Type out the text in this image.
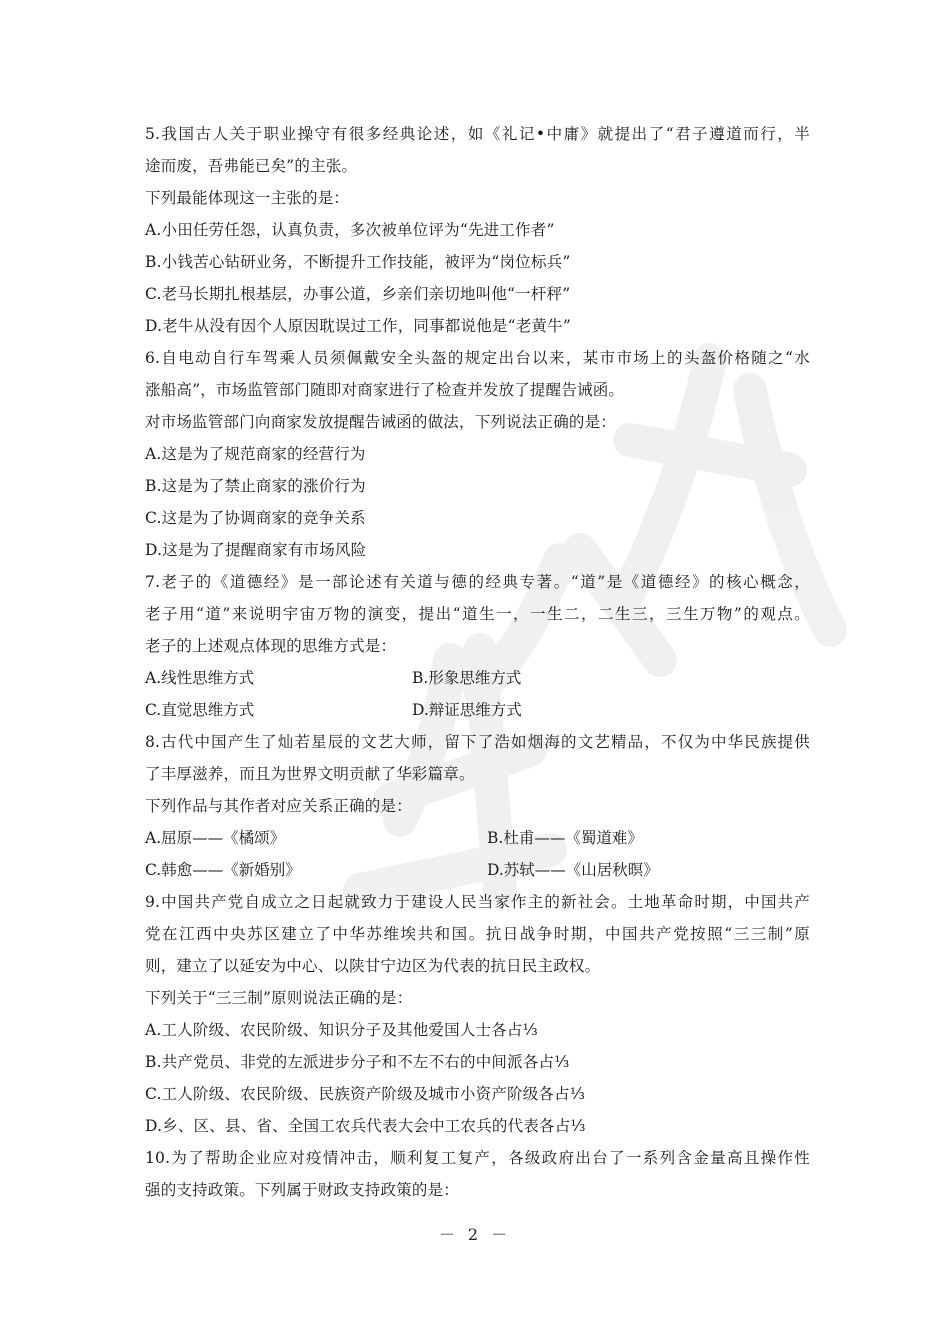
5.我国古人关于职业操守有很多经典论述，如《礼记•中庸》就提出了“君子遵道而行，半
途而废，吾弗能已矣”的主张。
下列最能体现这一主张的是：
A.小田任劳任怨，认真负责，多次被单位评为“先进工作者”
B.小钱苦心钻研业务，不断提升工作技能，被评为“岗位标兵”
C.老马长期扎根基层，办事公道，乡亲们亲切地叫他“一杆秤”
D.老牛从没有因个人原因耽误过工作，同事都说他是“老黄牛”
6.自电动自行车驾乘人员须佩戴安全头盔的规定出台以来，某市市场上的头盔价格随之“水
涨船高”，市场监管部门随即对商家进行了检查并发放了提醒告诫函。
对市场监管部门向商家发放提醒告诫函的做法，下列说法正确的是：
A.这是为了规范商家的经营行为
B.这是为了禁止商家的涨价行为
C.这是为了协调商家的竞争关系
D.这是为了提醒商家有市场风险
7.老子的《道德经》是一部论述有关道与德的经典专著。“道”是《道德经》的核心概念，
老子用“道”来说明宇宙万物的演变，提出“道生一，一生二，二生三，三生万物”的观点。
老子的上述观点体现的思维方式是：
A.线性思维方式	B.形象思维方式
C.直觉思维方式	D.辩证思维方式
8.古代中国产生了灿若星辰的文艺大师，留下了浩如烟海的文艺精品，不仅为中华民族提供
了丰厚滋养，而且为世界文明贡献了华彩篇章。
下列作品与其作者对应关系正确的是：
A.屈原——《橘颂》	B.杜甫——《蜀道难》
C.韩愈——《新婚别》	D.苏轼——《山居秋暝》
9.中国共产党自成立之日起就致力于建设人民当家作主的新社会。土地革命时期，中国共产
党在江西中央苏区建立了中华苏维埃共和国。抗日战争时期，中国共产党按照“三三制”原
则，建立了以延安为中心、以陕甘宁边区为代表的抗日民主政权。
下列关于“三三制”原则说法正确的是：
A.工人阶级、农民阶级、知识分子及其他爱国人士各占⅓
B.共产党员、非党的左派进步分子和不左不右的中间派各占⅓
C.工人阶级、农民阶级、民族资产阶级及城市小资产阶级各占⅓
D.乡、区、县、省、全国工农兵代表大会中工农兵的代表各占⅓
10.为了帮助企业应对疫情冲击，顺利复工复产，各级政府出台了一系列含金量高且操作性
强的支持政策。下列属于财政支持政策的是：
－ 2 －
